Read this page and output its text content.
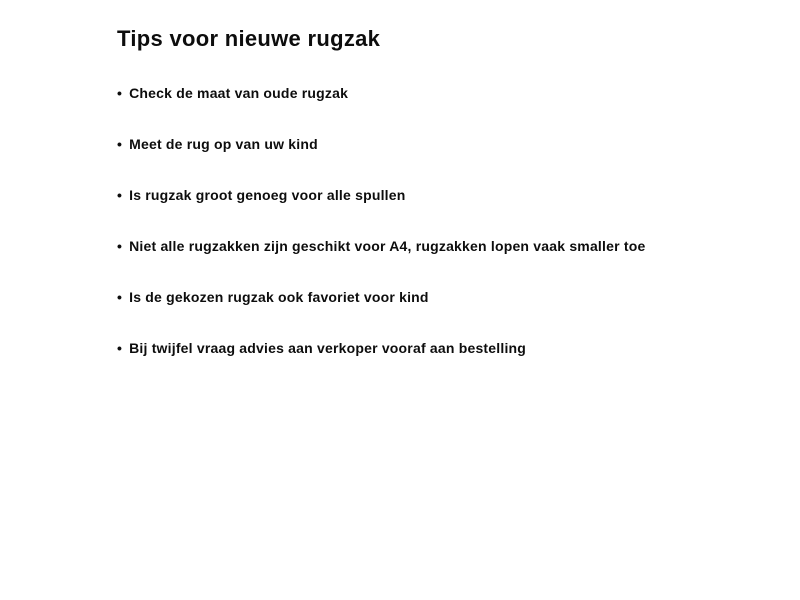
Tips voor nieuwe rugzak
• Check de maat van oude rugzak
• Meet de rug op van uw kind
• Is rugzak groot genoeg voor alle spullen
• Niet alle rugzakken zijn geschikt voor A4, rugzakken lopen vaak smaller toe
• Is de gekozen rugzak ook favoriet voor kind
• Bij twijfel vraag advies aan verkoper vooraf aan bestelling
